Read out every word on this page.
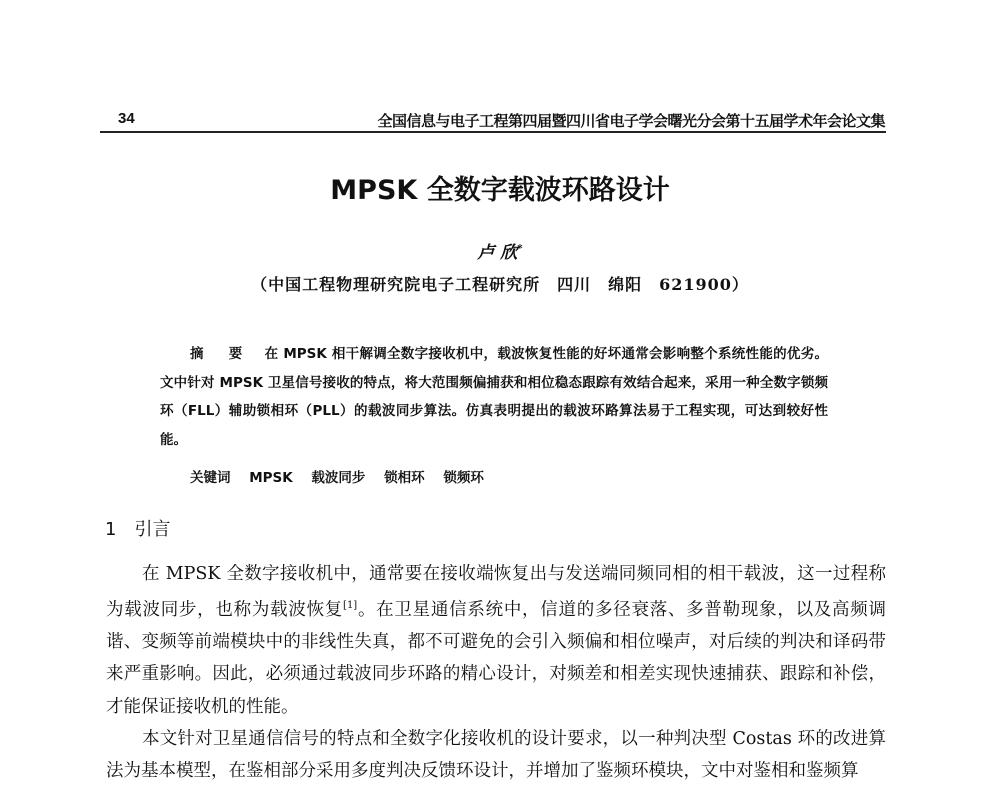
34	全国信息与电子工程第四届暨四川省电子学会曙光分会第十五届学术年会论文集
MPSK 全数字载波环路设计
卢 欣*
（中国工程物理研究院电子工程研究所　四川　绵阳　621900）
摘 要 在 MPSK 相干解调全数字接收机中，载波恢复性能的好坏通常会影响整个系统性能的优劣。文中针对 MPSK 卫星信号接收的特点，将大范围频偏捕获和相位稳态跟踪有效结合起来，采用一种全数字锁频环（FLL）辅助锁相环（PLL）的载波同步算法。仿真表明提出的载波环路算法易于工程实现，可达到较好性能。
关键词 MPSK 载波同步 锁相环 锁频环
1 引言

在 MPSK 全数字接收机中，通常要在接收端恢复出与发送端同频同相的相干载波，这一过程称为载波同步，也称为载波恢复[1]。在卫星通信系统中，信道的多径衰落、多普勒现象，以及高频调谐、变频等前端模块中的非线性失真，都不可避免的会引入频偏和相位噪声，对后续的判决和译码带来严重影响。因此，必须通过载波同步环路的精心设计，对频差和相差实现快速捕获、跟踪和补偿，才能保证接收机的性能。

本文针对卫星通信信号的特点和全数字化接收机的设计要求，以一种判决型 Costas 环的改进算法为基本模型，在鉴相部分采用多度判决反馈环设计，并增加了鉴频环模块，文中对鉴相和鉴频算
